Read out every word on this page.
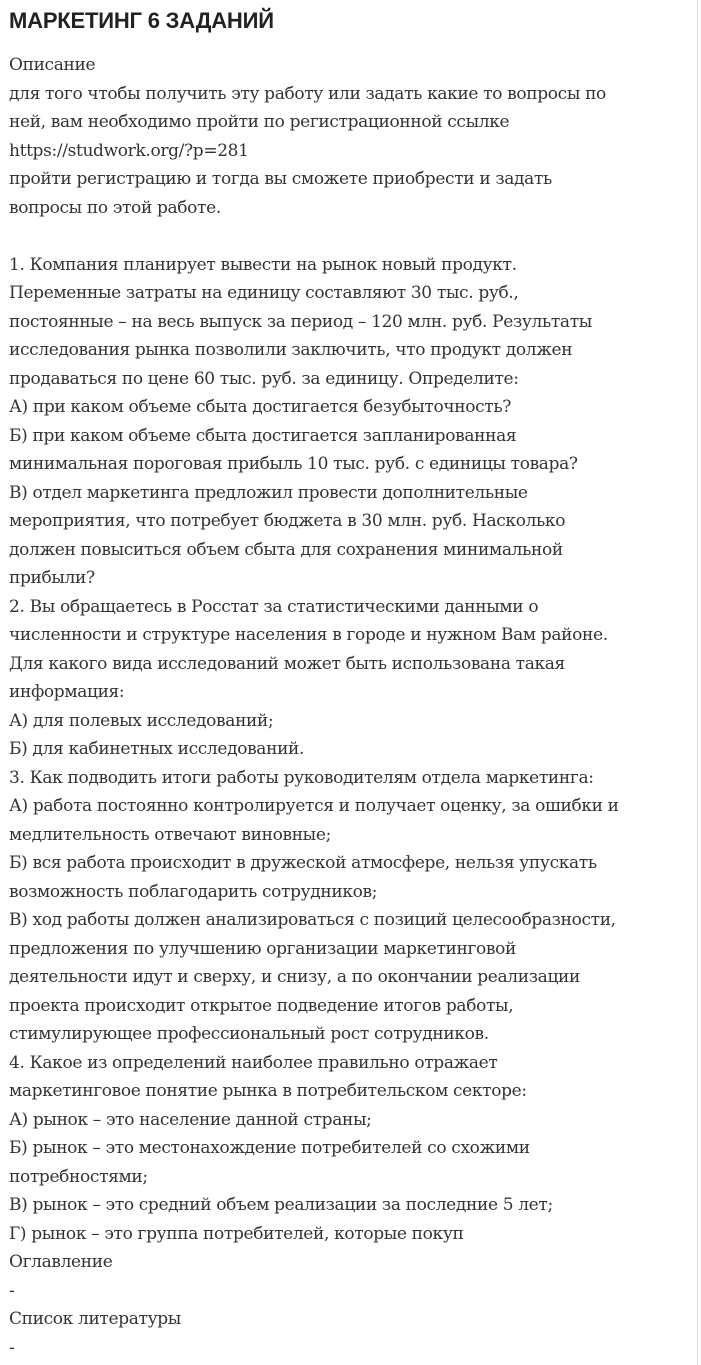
МАРКЕТИНГ 6 ЗАДАНИЙ
Описание
для того чтобы получить эту работу или задать какие то вопросы по
ней, вам необходимо пройти по регистрационной ссылке
https://studwork.org/?p=281
пройти регистрацию и тогда вы сможете приобрести и задать
вопросы по этой работе.
1. Компания планирует вывести на рынок новый продукт.
Переменные затраты на единицу составляют 30 тыс. руб.,
постоянные – на весь выпуск за период – 120 млн. руб. Результаты
исследования рынка позволили заключить, что продукт должен
продаваться по цене 60 тыс. руб. за единицу. Определите:
А) при каком объеме сбыта достигается безубыточность?
Б) при каком объеме сбыта достигается запланированная
минимальная пороговая прибыль 10 тыс. руб. с единицы товара?
В) отдел маркетинга предложил провести дополнительные
мероприятия, что потребует бюджета в 30 млн. руб. Насколько
должен повыситься объем сбыта для сохранения минимальной
прибыли?
2. Вы обращаетесь в Росстат за статистическими данными о
численности и структуре населения в городе и нужном Вам районе.
Для какого вида исследований может быть использована такая
информация:
А) для полевых исследований;
Б) для кабинетных исследований.
3. Как подводить итоги работы руководителям отдела маркетинга:
А) работа постоянно контролируется и получает оценку, за ошибки и
медлительность отвечают виновные;
Б) вся работа происходит в дружеской атмосфере, нельзя упускать
возможность поблагодарить сотрудников;
В) ход работы должен анализироваться с позиций целесообразности,
предложения по улучшению организации маркетинговой
деятельности идут и сверху, и снизу, а по окончании реализации
проекта происходит открытое подведение итогов работы,
стимулирующее профессиональный рост сотрудников.
4. Какое из определений наиболее правильно отражает
маркетинговое понятие рынка в потребительском секторе:
А) рынок – это население данной страны;
Б) рынок – это местонахождение потребителей со схожими
потребностями;
В) рынок – это средний объем реализации за последние 5 лет;
Г) рынок – это группа потребителей, которые покуп
Оглавление
-
Список литературы
-
